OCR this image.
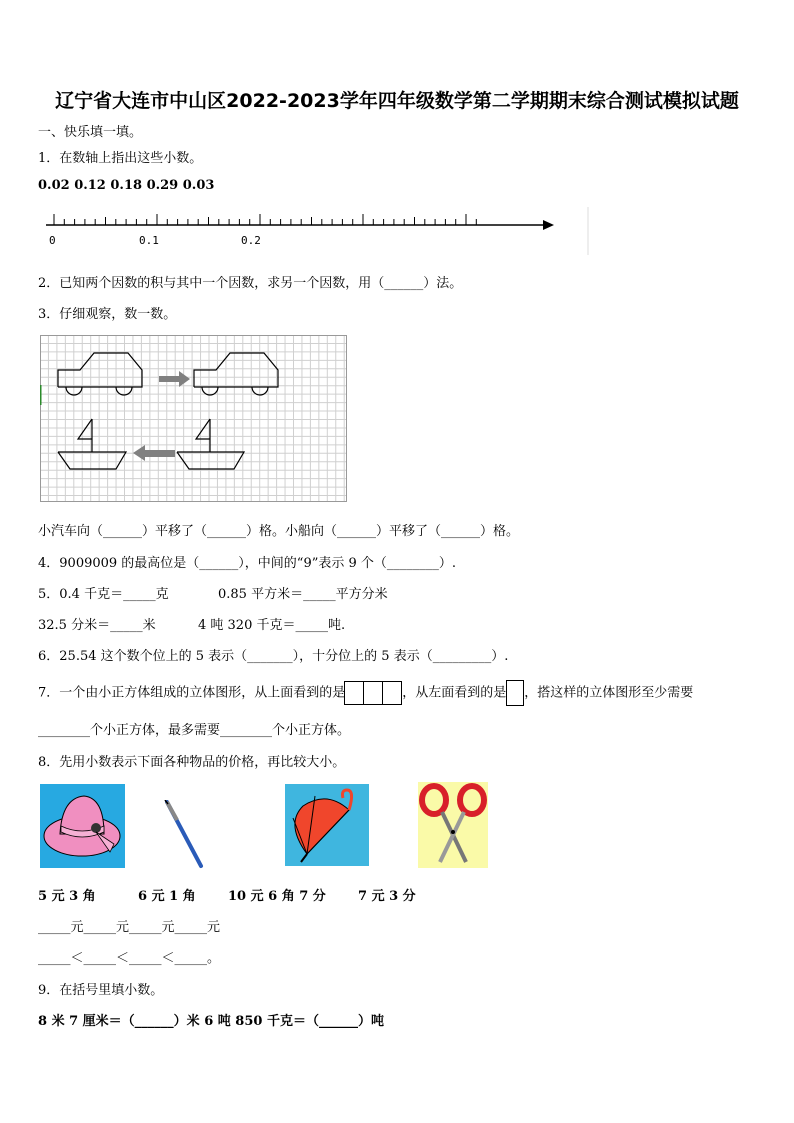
辽宁省大连市中山区2022-2023学年四年级数学第二学期期末综合测试模拟试题
一、快乐填一填。
1．在数轴上指出这些小数。
0.02 0.12 0.18 0.29 0.03
0	0.1	0.2
2．已知两个因数的积与其中一个因数，求另一个因数，用（______）法。
3．仔细观察，数一数。
小汽车向（______）平移了（______）格。小船向（______）平移了（______）格。
4．9009009 的最高位是（______），中间的“9”表示 9 个（________）.
5．0.4 千克＝_____克	0.85 平方米＝_____平方分米
32.5 分米＝_____米	4 吨 320 千克＝_____吨.
6．25.54 这个数个位上的 5 表示（_______），十分位上的 5 表示（_________）.
7．一个由小正方体组成的立体图形，从上面看到的是	，从左面看到的是 ，搭这样的立体图形至少需要
________个小正方体，最多需要________个小正方体。
8．先用小数表示下面各种物品的价格，再比较大小。
5 元 3 角	6 元 1 角 10 元 6 角 7 分 7 元 3 分
_____元_____元_____元_____元
_____＜_____＜_____＜_____。
9．在括号里填小数。
8 米 7 厘米＝（______）米 6 吨 850 千克＝（______）吨
